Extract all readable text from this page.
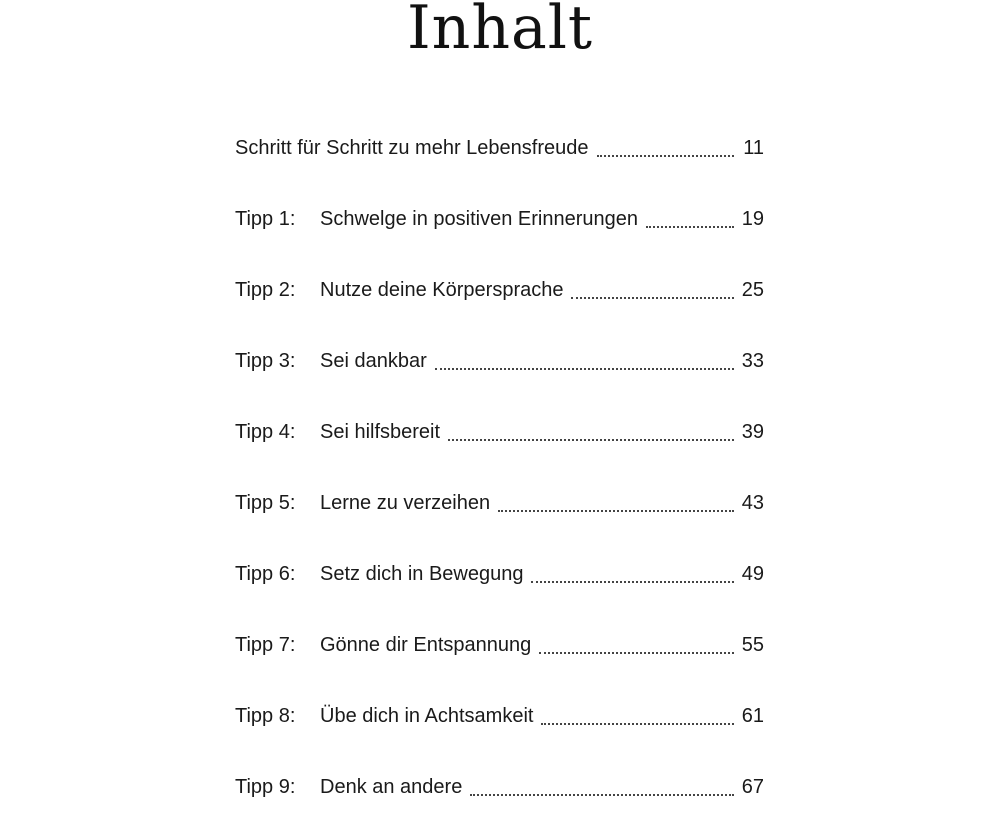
Inhalt
Schritt für Schritt zu mehr Lebensfreude	11
Tipp 1:	Schwelge in positiven Erinnerungen	19
Tipp 2:	Nutze deine Körpersprache	25
Tipp 3:	Sei dankbar	33
Tipp 4:	Sei hilfsbereit	39
Tipp 5:	Lerne zu verzeihen	43
Tipp 6:	Setz dich in Bewegung	49
Tipp 7:	Gönne dir Entspannung	55
Tipp 8:	Übe dich in Achtsamkeit	61
Tipp 9:	Denk an andere	67
